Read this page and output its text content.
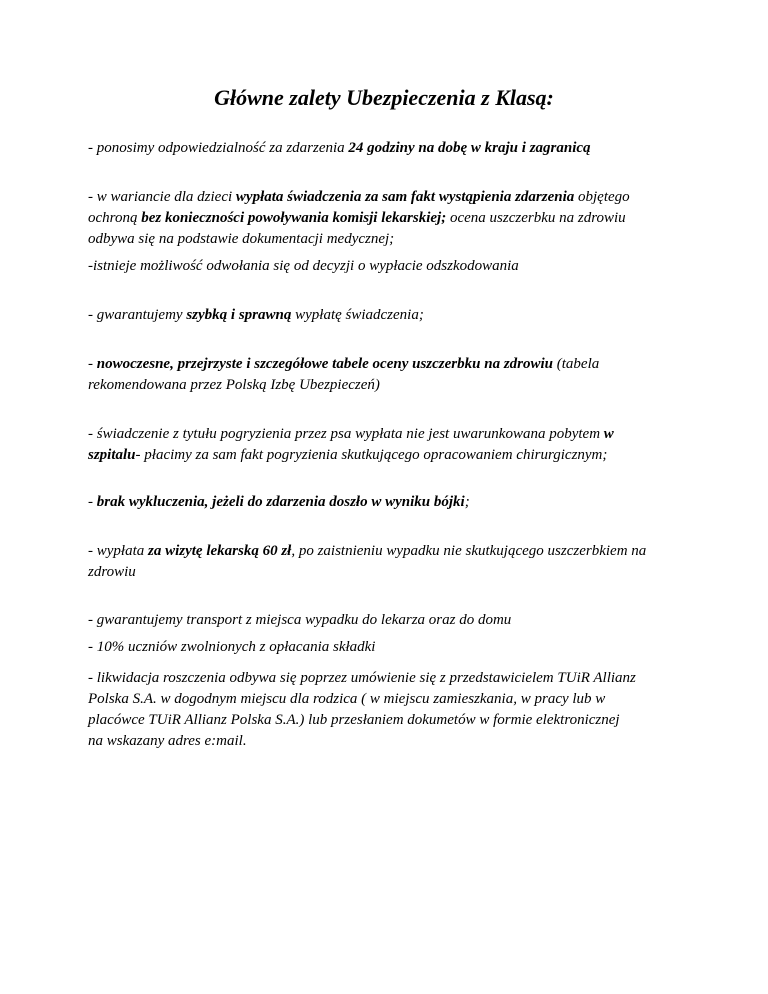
Główne zalety Ubezpieczenia z Klasą:

- ponosimy odpowiedzialność za zdarzenia 24 godziny na dobę w kraju i zagranicą

- w wariancie dla dzieci wypłata świadczenia za sam fakt wystąpienia zdarzenia objętego
ochroną bez konieczności powoływania komisji lekarskiej; ocena uszczerbku na zdrowiu
odbywa się na podstawie dokumentacji medycznej;

-istnieje możliwość odwołania się od decyzji o wypłacie odszkodowania

- gwarantujemy szybką i sprawną wypłatę świadczenia;

- nowoczesne, przejrzyste i szczegółowe tabele oceny uszczerbku na zdrowiu (tabela
rekomendowana przez Polską Izbę Ubezpieczeń)

- świadczenie z tytułu pogryzienia przez psa wypłata nie jest uwarunkowana pobytem w
szpitalu- płacimy za sam fakt pogryzienia skutkującego opracowaniem chirurgicznym;

- brak wykluczenia, jeżeli do zdarzenia doszło w wyniku bójki;

- wypłata za wizytę lekarską 60 zł, po zaistnieniu wypadku nie skutkującego uszczerbkiem na
zdrowiu

- gwarantujemy transport z miejsca wypadku do lekarza oraz do domu

- 10% uczniów zwolnionych z opłacania składki

- likwidacja roszczenia odbywa się poprzez umówienie się z przedstawicielem TUiR Allianz
Polska S.A. w dogodnym miejscu dla rodzica ( w miejscu zamieszkania, w pracy lub w
placówce TUiR Allianz Polska S.A.) lub przesłaniem dokumetów w formie elektronicznej
na wskazany adres e:mail.
